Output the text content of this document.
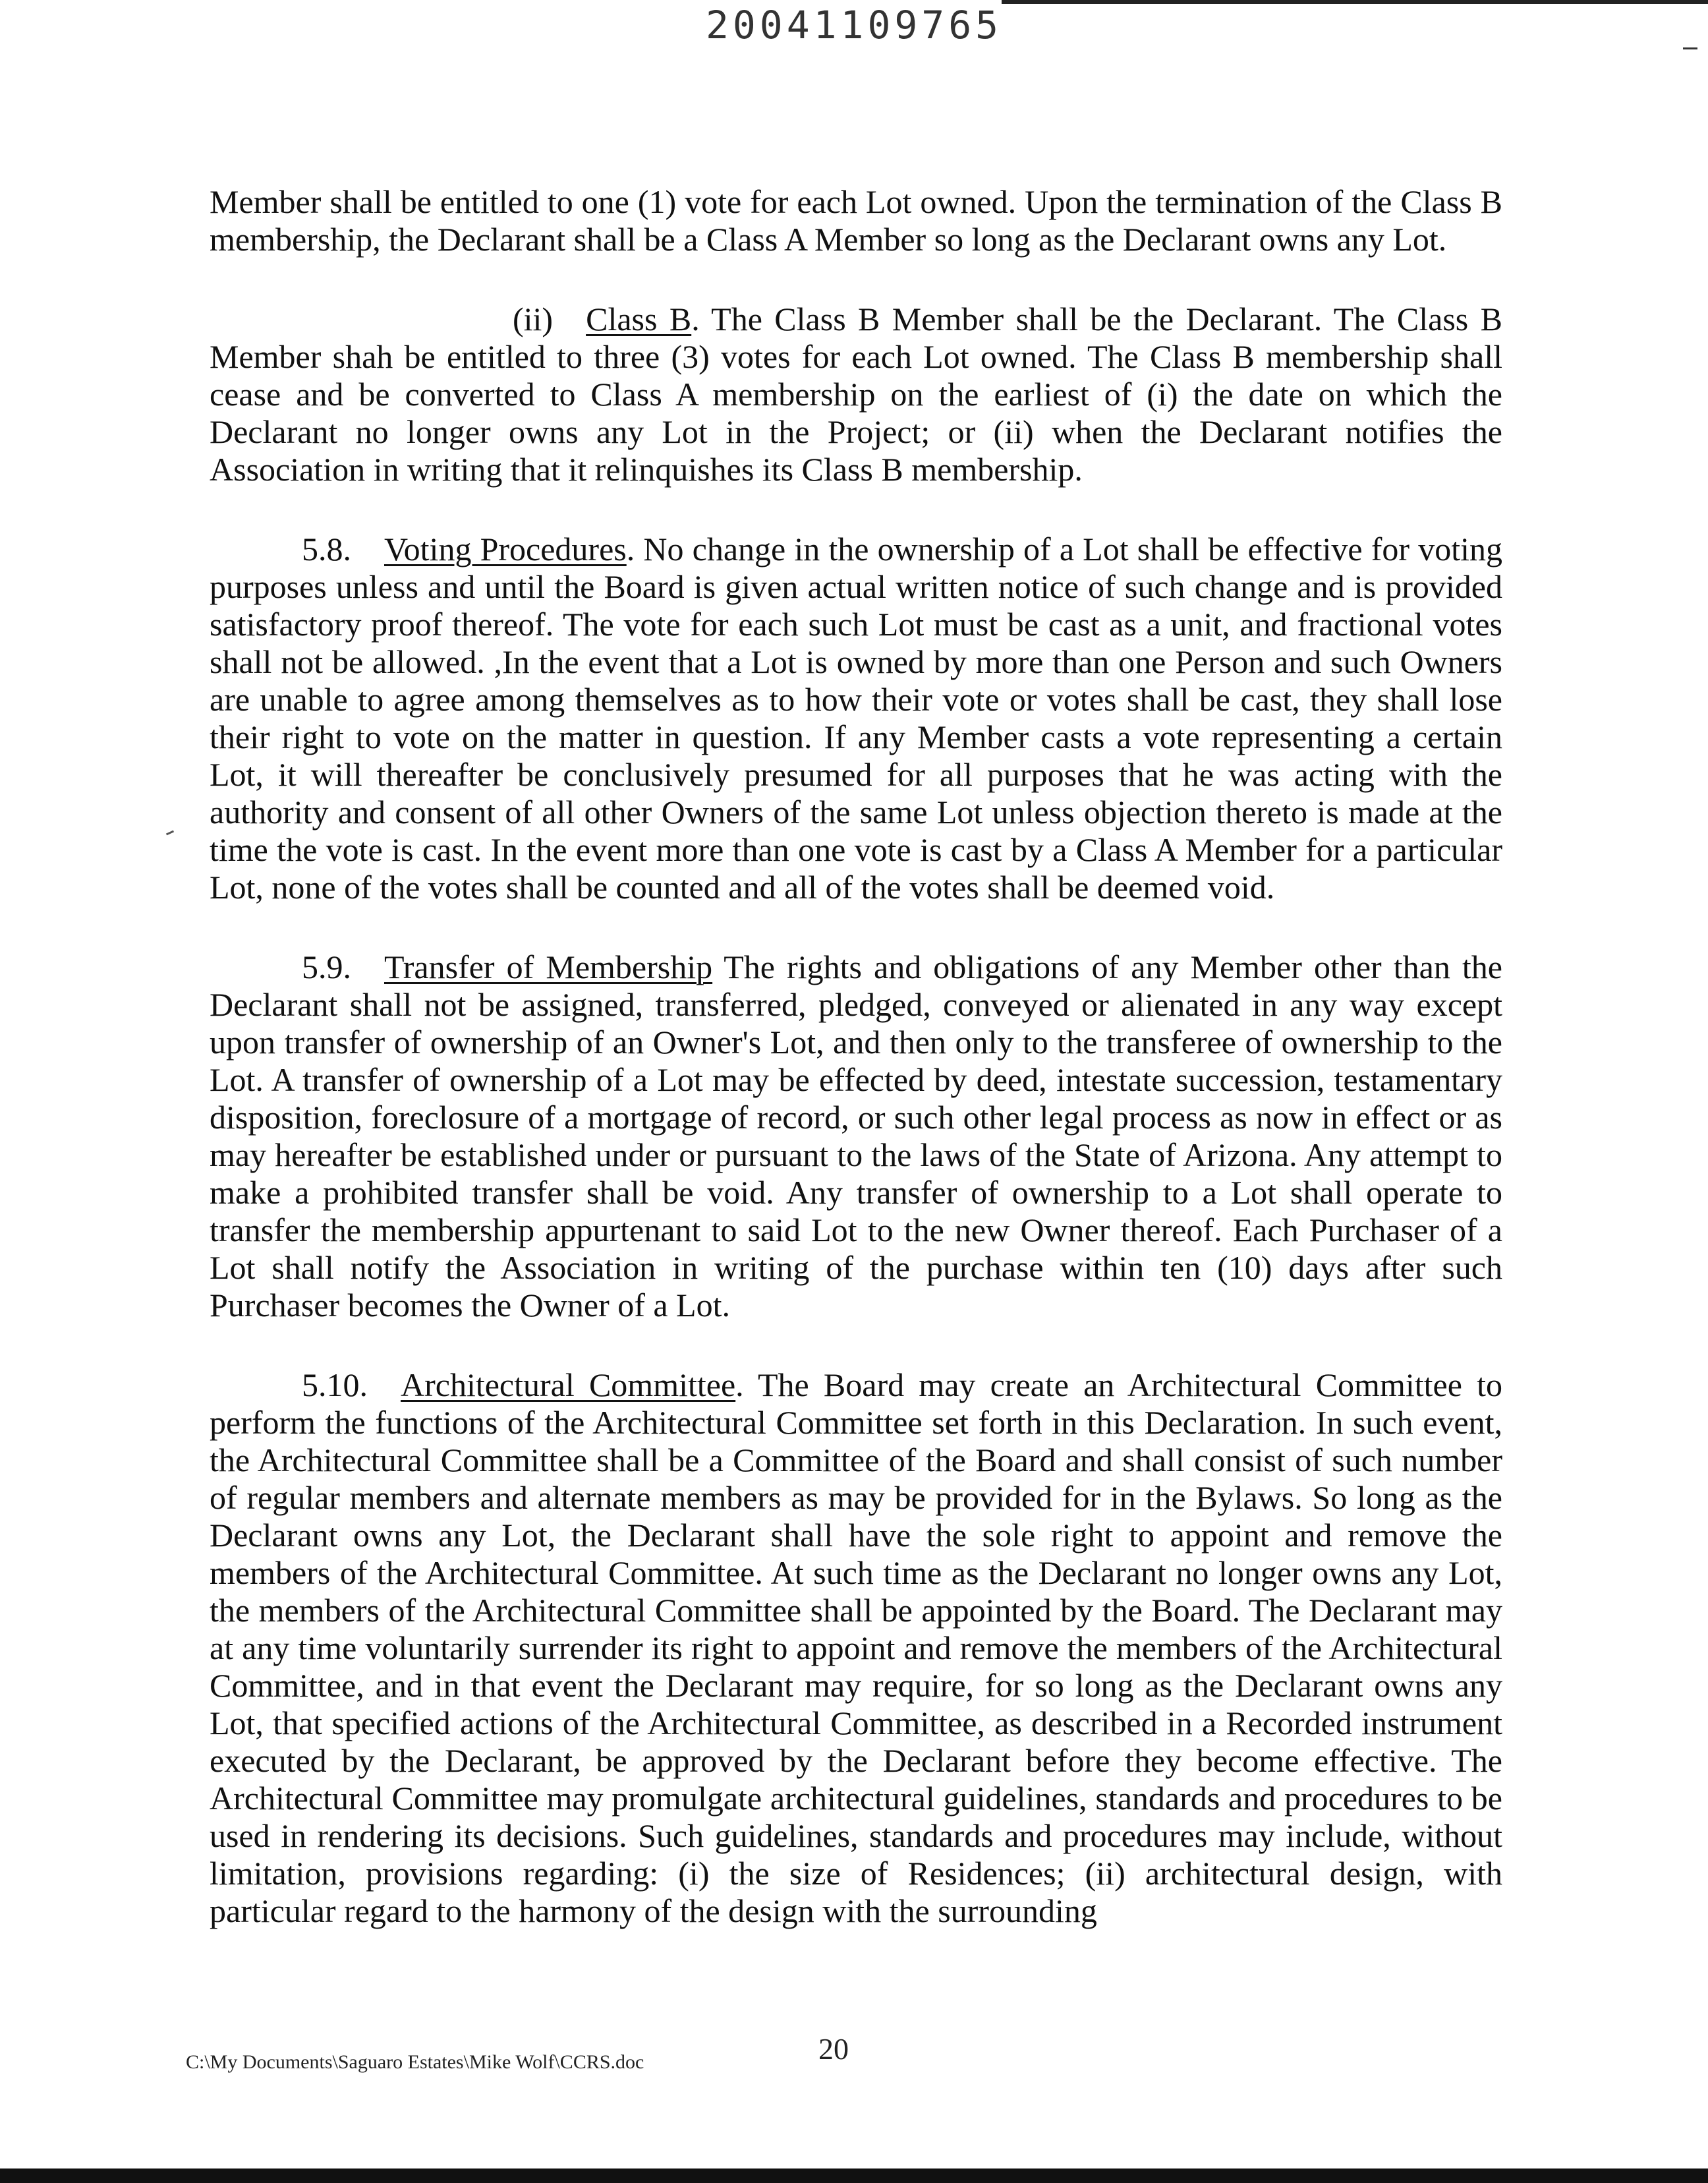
20041109765

Member shall be entitled to one (1) vote for each Lot owned. Upon the termination of the Class B membership, the Declarant shall be a Class A Member so long as the Declarant owns any Lot.

(ii) Class B. The Class B Member shall be the Declarant. The Class B Member shah be entitled to three (3) votes for each Lot owned. The Class B membership shall cease and be converted to Class A membership on the earliest of (i) the date on which the Declarant no longer owns any Lot in the Project; or (ii) when the Declarant notifies the Association in writing that it relinquishes its Class B membership.

5.8. Voting Procedures. No change in the ownership of a Lot shall be effective for voting purposes unless and until the Board is given actual written notice of such change and is provided satisfactory proof thereof. The vote for each such Lot must be cast as a unit, and fractional votes shall not be allowed. ,In the event that a Lot is owned by more than one Person and such Owners are unable to agree among themselves as to how their vote or votes shall be cast, they shall lose their right to vote on the matter in question. If any Member casts a vote representing a certain Lot, it will thereafter be conclusively presumed for all purposes that he was acting with the authority and consent of all other Owners of the same Lot unless objection thereto is made at the time the vote is cast. In the event more than one vote is cast by a Class A Member for a particular Lot, none of the votes shall be counted and all of the votes shall be deemed void.

5.9. Transfer of Membership The rights and obligations of any Member other than the Declarant shall not be assigned, transferred, pledged, conveyed or alienated in any way except upon transfer of ownership of an Owner's Lot, and then only to the transferee of ownership to the Lot. A transfer of ownership of a Lot may be effected by deed, intestate succession, testamentary disposition, foreclosure of a mortgage of record, or such other legal process as now in effect or as may hereafter be established under or pursuant to the laws of the State of Arizona. Any attempt to make a prohibited transfer shall be void. Any transfer of ownership to a Lot shall operate to transfer the membership appurtenant to said Lot to the new Owner thereof. Each Purchaser of a Lot shall notify the Association in writing of the purchase within ten (10) days after such Purchaser becomes the Owner of a Lot.

5.10. Architectural Committee. The Board may create an Architectural Committee to perform the functions of the Architectural Committee set forth in this Declaration. In such event, the Architectural Committee shall be a Committee of the Board and shall consist of such number of regular members and alternate members as may be provided for in the Bylaws. So long as the Declarant owns any Lot, the Declarant shall have the sole right to appoint and remove the members of the Architectural Committee. At such time as the Declarant no longer owns any Lot, the members of the Architectural Committee shall be appointed by the Board. The Declarant may at any time voluntarily surrender its right to appoint and remove the members of the Architectural Committee, and in that event the Declarant may require, for so long as the Declarant owns any Lot, that specified actions of the Architectural Committee, as described in a Recorded instrument executed by the Declarant, be approved by the Declarant before they become effective. The Architectural Committee may promulgate architectural guidelines, standards and procedures to be used in rendering its decisions. Such guidelines, standards and procedures may include, without limitation, provisions regarding: (i) the size of Residences; (ii) architectural design, with particular regard to the harmony of the design with the surrounding

20
C:\My Documents\Saguaro Estates\Mike Wolf\CCRS.doc
